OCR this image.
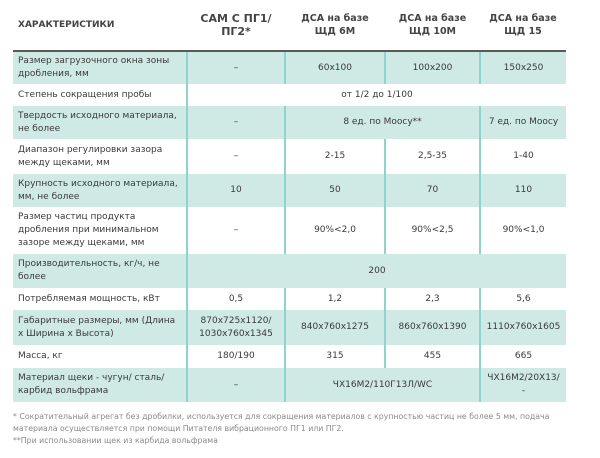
ХАРАКТЕРИСТИКИ	САМ С ПГ1/ПГ2*	ДСА на базе ЩД 6М	ДСА на базе ЩД 10М	ДСА на базе ЩД 15
Размер загрузочного окна зоны дробления, мм	–	60x100	100x200	150x250
Степень сокращения пробы	от 1/2 до 1/100			
Твердость исходного материала, не более	–	8 ед. по Моосу**		7 ед. по Моосу
Диапазон регулировки зазора между щеками, мм	–	2-15	2,5-35	1-40
Крупность исходного материала, мм, не более	10	50	70	110
Размер частиц продукта дробления при минимальном зазоре между щеками, мм	–	90%<2,0	90%<2,5	90%<1,0
Производительность, кг/ч, не более	200			
Потребляемая мощность, кВт	0,5	1,2	2,3	5,6
Габаритные размеры, мм (Длина х Ширина х Высота)	870x725x1120/ 1030x760x1345	840x760x1275	860x760x1390	1110x760x1605
Масса, кг	180/190	315	455	665
Материал щеки - чугун/ сталь/ карбид вольфрама	–	ЧХ16М2/110Г13Л/WC		ЧХ16М2/20Х13/ -
* Сократительный агрегат без дробилки, используется для сокращения материалов с крупностью частиц не более 5 мм, подача материала осуществляется при помощи Питателя вибрационного ПГ1 или ПГ2.
**При использовании щек из карбида вольфрама
